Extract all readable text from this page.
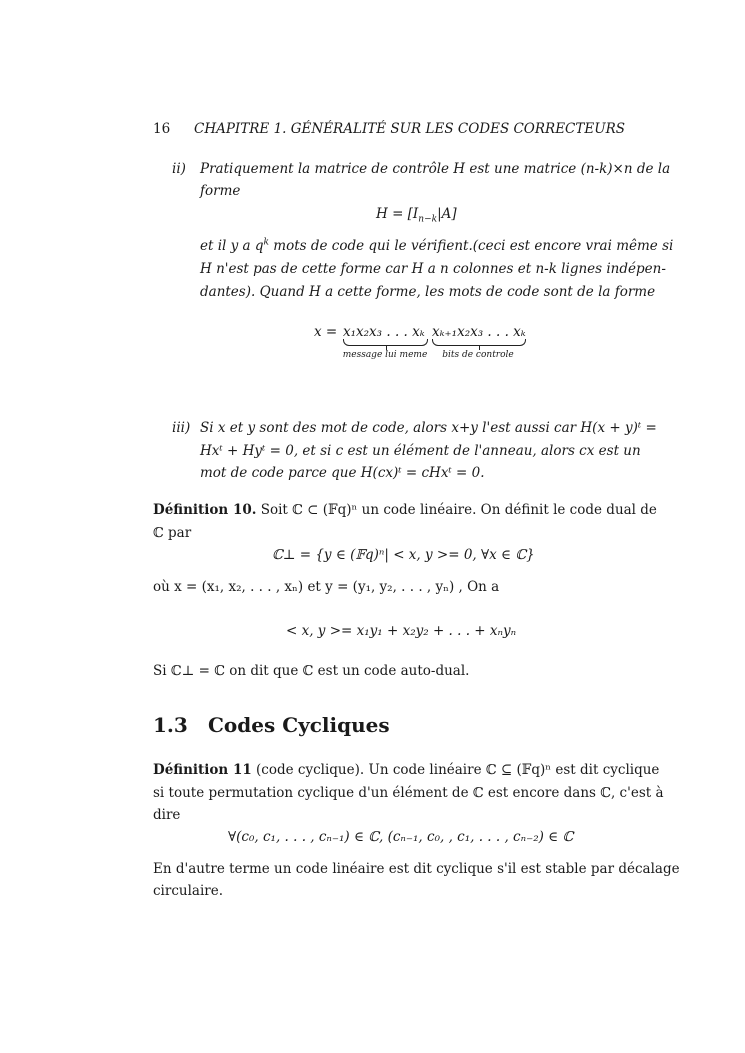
16 CHAPITRE 1. GÉNÉRALITÉ SUR LES CODES CORRECTEURS
ii) Pratiquement la matrice de contrôle H est une matrice (n-k)×n de la
forme
$H = [I_{n-k}|A]$
et il y a $q^k$ mots de code qui le vérifient.(ceci est encore vrai même si
H n'est pas de cette forme car H a n colonnes et n-k lignes indépen-
dantes). Quand H a cette forme, les mots de code sont de la forme
x = x₁x₂x₃ . . . xₖ xₖ₊₁x₂x₃ . . . xₖ
message lui meme	bits de controle
iii) Si x et y sont des mot de code, alors x+y l'est aussi car H(x + y)ᵗ =
Hxᵗ + Hyᵗ = 0, et si c est un élément de l'anneau, alors cx est un
mot de code parce que H(cx)ᵗ = cHxᵗ = 0.
Définition 10. Soit ℂ ⊂ (𝔽q)ⁿ un code linéaire. On définit le code dual de
ℂ par
ℂ⊥ = {y ∈ (𝔽q)ⁿ| < x, y >= 0, ∀x ∈ ℂ}
où x = (x₁, x₂, . . . , xₙ) et y = (y₁, y₂, . . . , yₙ) , On a
< x, y >= x₁y₁ + x₂y₂ + . . . + xₙyₙ
Si ℂ⊥ = ℂ on dit que ℂ est un code auto-dual.
1.3 Codes Cycliques
Définition 11 (code cyclique). Un code linéaire ℂ ⊆ (𝔽q)ⁿ est dit cyclique
si toute permutation cyclique d'un élément de ℂ est encore dans ℂ, c'est à
dire
∀(c₀, c₁, . . . , cₙ₋₁) ∈ ℂ, (cₙ₋₁, c₀, , c₁, . . . , cₙ₋₂) ∈ ℂ
En d'autre terme un code linéaire est dit cyclique s'il est stable par décalage
circulaire.
